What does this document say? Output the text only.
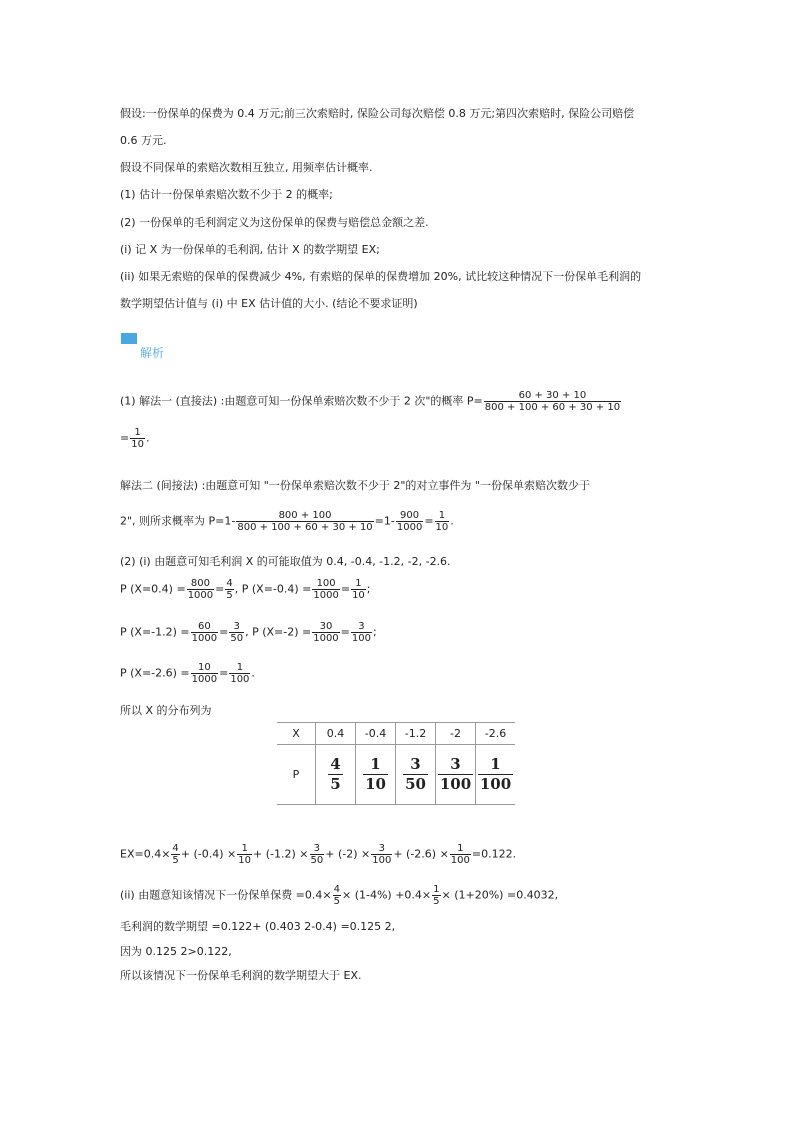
假设:一份保单的保费为 0.4 万元;前三次索赔时, 保险公司每次赔偿 0.8 万元;第四次索赔时, 保险公司赔偿
0.6 万元.
假设不同保单的索赔次数相互独立, 用频率估计概率.
(1) 估计一份保单索赔次数不少于 2 的概率;
(2) 一份保单的毛利润定义为这份保单的保费与赔偿总金额之差.
(i) 记 X 为一份保单的毛利润, 估计 X 的数学期望 EX;
(ii) 如果无索赔的保单的保费减少 4%, 有索赔的保单的保费增加 20%, 试比较这种情况下一份保单毛利润的
数学期望估计值与 (i) 中 EX 估计值的大小. (结论不要求证明)
解析
(1) 解法一 (直接法) :由题意可知一份保单索赔次数不少于 2 次"的概率 $P= \frac{60 + 30 + 10}{800 + 100 + 60 + 30 + 10}$
= $\frac{1}{10}$ .
解法二 (间接法) :由题意可知 "一份保单索赔次数不少于 2"的对立事件为 "一份保单索赔次数少于
2", 则所求概率为 $P=1- \frac{800 + 100}{800 + 100 + 60 + 30 + 10} =1- \frac{900}{1000} = \frac{1}{10}$ .
(2) (i) 由题意可知毛利润 X 的可能取值为 0.4, -0.4, -1.2, -2, -2.6.
P $(X=0.4) = \frac{800}{1000} = \frac{4}{5}$ , P $(X=-0.4) = \frac{100}{1000} = \frac{1}{10}$ ;
P $(X=-1.2) = \frac{60}{1000} = \frac{3}{50}$ , P $(X=-2) = \frac{30}{1000} = \frac{3}{100}$ ;
P $(X=-2.6) = \frac{10}{1000} = \frac{1}{100}$ .
所以 X 的分布列为
X	0.4	-0.4	-1.2	-2	-2.6
P	$\frac{4}{5}$	$\frac{1}{10}$	$\frac{3}{50}$	$\frac{3}{100}$	$\frac{1}{100}$
$EX=0.4\times \frac{4}{5} + (-0.4) \times \frac{1}{10} + (-1.2) \times \frac{3}{50} + (-2) \times \frac{3}{100} + (-2.6) \times \frac{1}{100} =0.122$.
(ii) 由题意知该情况下一份保单保费 $=0.4\times \frac{4}{5} \times (1-4\%) +0.4\times \frac{1}{5} \times (1+20\%) =0.4032$,
毛利润的数学期望 =0.122+ (0.403 2-0.4) =0.125 2,
因为 0.125 2>0.122,
所以该情况下一份保单毛利润的数学期望大于 EX.
